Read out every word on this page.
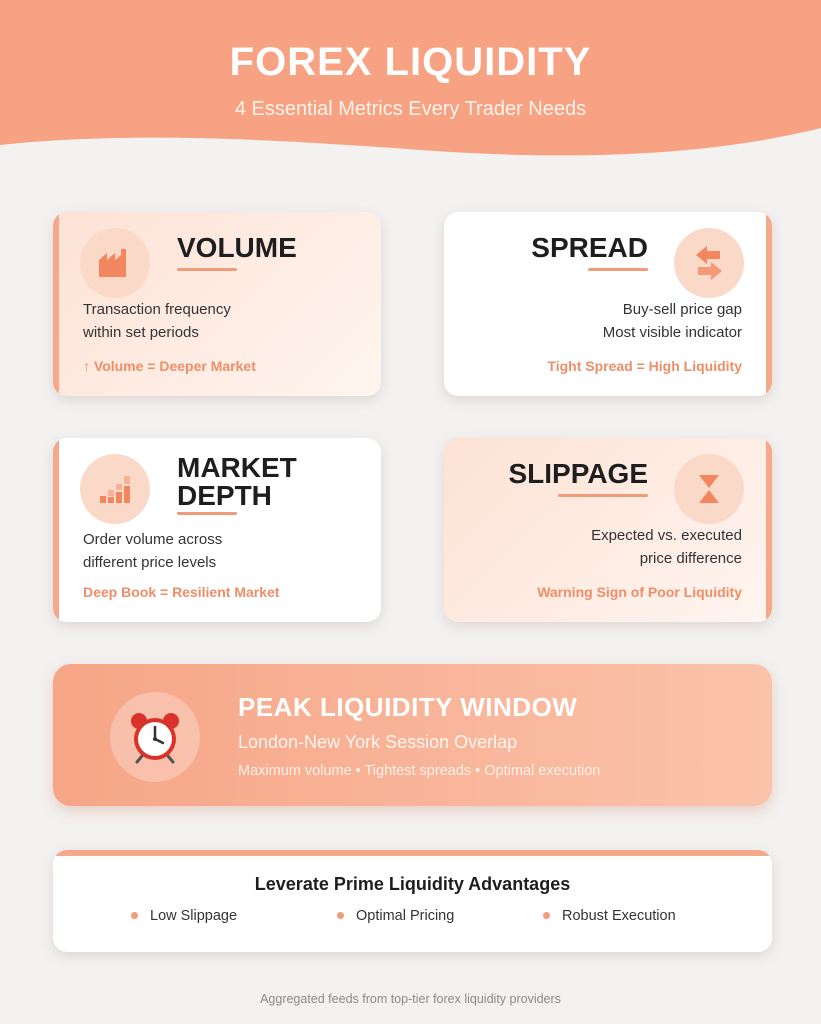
FOREX LIQUIDITY
4 Essential Metrics Every Trader Needs
VOLUME
Transaction frequency
within set periods
↑ Volume = Deeper Market
SPREAD
Buy-sell price gap
Most visible indicator
Tight Spread = High Liquidity
MARKET
DEPTH
Order volume across
different price levels
Deep Book = Resilient Market
SLIPPAGE
Expected vs. executed
price difference
Warning Sign of Poor Liquidity
PEAK LIQUIDITY WINDOW
London-New York Session Overlap
Maximum volume • Tightest spreads • Optimal execution
Leverate Prime Liquidity Advantages
Low Slippage	Optimal Pricing	Robust Execution
Aggregated feeds from top-tier forex liquidity providers
